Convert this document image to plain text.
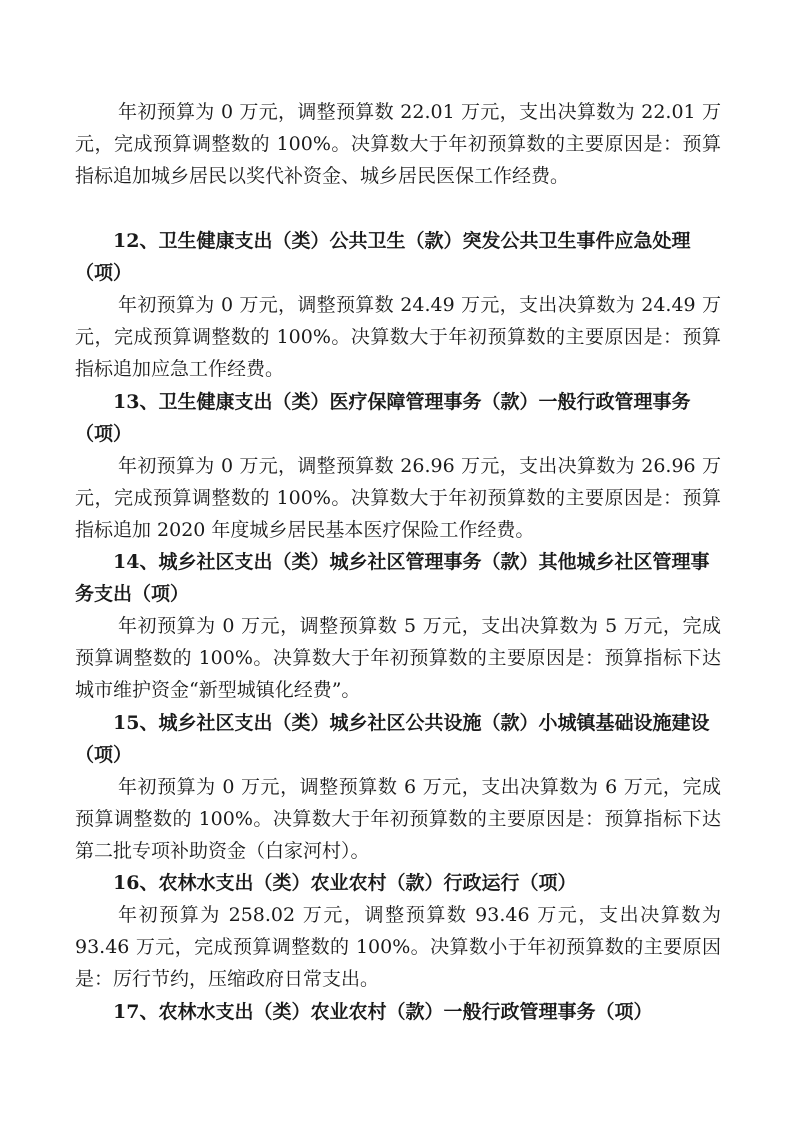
年初预算为 0 万元，调整预算数 22.01 万元，支出决算数为 22.01 万元，完成预算调整数的 100%。决算数大于年初预算数的主要原因是：预算指标追加城乡居民以奖代补资金、城乡居民医保工作经费。

12、卫生健康支出（类）公共卫生（款）突发公共卫生事件应急处理（项）

年初预算为 0 万元，调整预算数 24.49 万元，支出决算数为 24.49 万元，完成预算调整数的 100%。决算数大于年初预算数的主要原因是：预算指标追加应急工作经费。

13、卫生健康支出（类）医疗保障管理事务（款）一般行政管理事务（项）

年初预算为 0 万元，调整预算数 26.96 万元，支出决算数为 26.96 万元，完成预算调整数的 100%。决算数大于年初预算数的主要原因是：预算指标追加 2020 年度城乡居民基本医疗保险工作经费。

14、城乡社区支出（类）城乡社区管理事务（款）其他城乡社区管理事务支出（项）

年初预算为 0 万元，调整预算数 5 万元，支出决算数为 5 万元，完成预算调整数的 100%。决算数大于年初预算数的主要原因是：预算指标下达城市维护资金“新型城镇化经费”。

15、城乡社区支出（类）城乡社区公共设施（款）小城镇基础设施建设（项）

年初预算为 0 万元，调整预算数 6 万元，支出决算数为 6 万元，完成预算调整数的 100%。决算数大于年初预算数的主要原因是：预算指标下达第二批专项补助资金（白家河村）。

16、农林水支出（类）农业农村（款）行政运行（项）

年初预算为 258.02 万元，调整预算数 93.46 万元，支出决算数为 93.46 万元，完成预算调整数的 100%。决算数小于年初预算数的主要原因是：厉行节约，压缩政府日常支出。

17、农林水支出（类）农业农村（款）一般行政管理事务（项）
